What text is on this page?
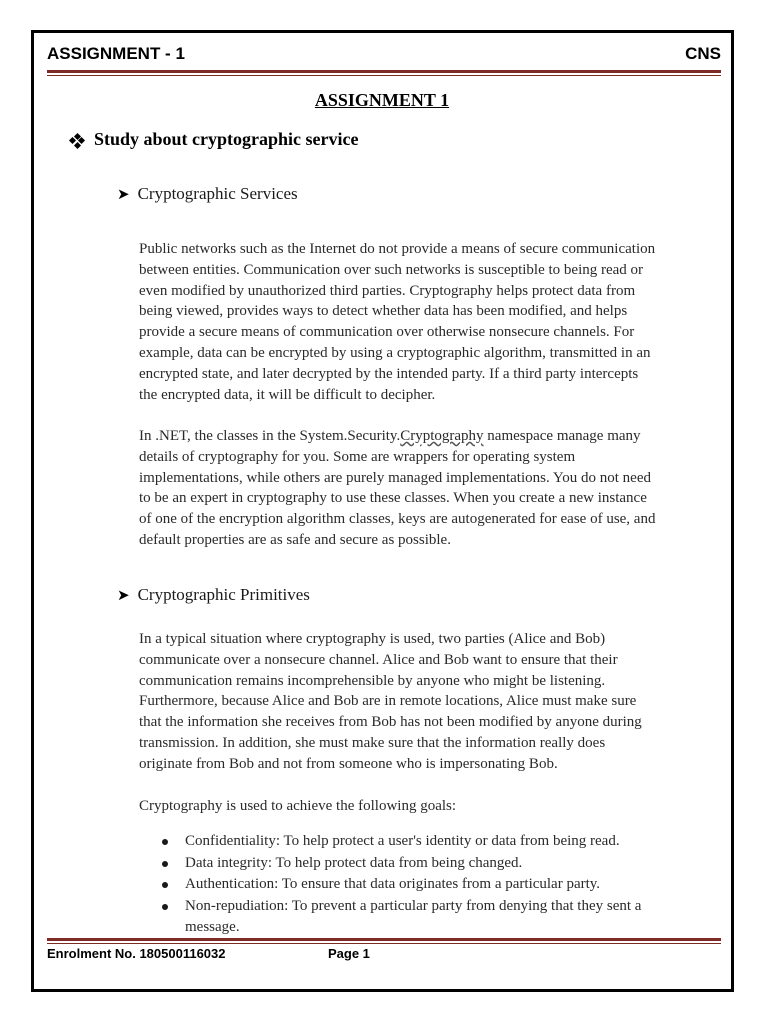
ASSIGNMENT - 1	CNS
ASSIGNMENT 1
Study about cryptographic service
➤ Cryptographic Services

Public networks such as the Internet do not provide a means of secure communication
between entities. Communication over such networks is susceptible to being read or
even modified by unauthorized third parties. Cryptography helps protect data from
being viewed, provides ways to detect whether data has been modified, and helps
provide a secure means of communication over otherwise nonsecure channels. For
example, data can be encrypted by using a cryptographic algorithm, transmitted in an
encrypted state, and later decrypted by the intended party. If a third party intercepts
the encrypted data, it will be difficult to decipher.

In .NET, the classes in the System.Security.Cryptography namespace manage many
details of cryptography for you. Some are wrappers for operating system
implementations, while others are purely managed implementations. You do not need
to be an expert in cryptography to use these classes. When you create a new instance
of one of the encryption algorithm classes, keys are autogenerated for ease of use, and
default properties are as safe and secure as possible.

➤ Cryptographic Primitives

In a typical situation where cryptography is used, two parties (Alice and Bob)
communicate over a nonsecure channel. Alice and Bob want to ensure that their
communication remains incomprehensible by anyone who might be listening.
Furthermore, because Alice and Bob are in remote locations, Alice must make sure
that the information she receives from Bob has not been modified by anyone during
transmission. In addition, she must make sure that the information really does
originate from Bob and not from someone who is impersonating Bob.

Cryptography is used to achieve the following goals:

Confidentiality: To help protect a user's identity or data from being read.
Data integrity: To help protect data from being changed.
Authentication: To ensure that data originates from a particular party.
Non-repudiation: To prevent a particular party from denying that they sent a
message.
Enrolment No. 180500116032	Page 1
